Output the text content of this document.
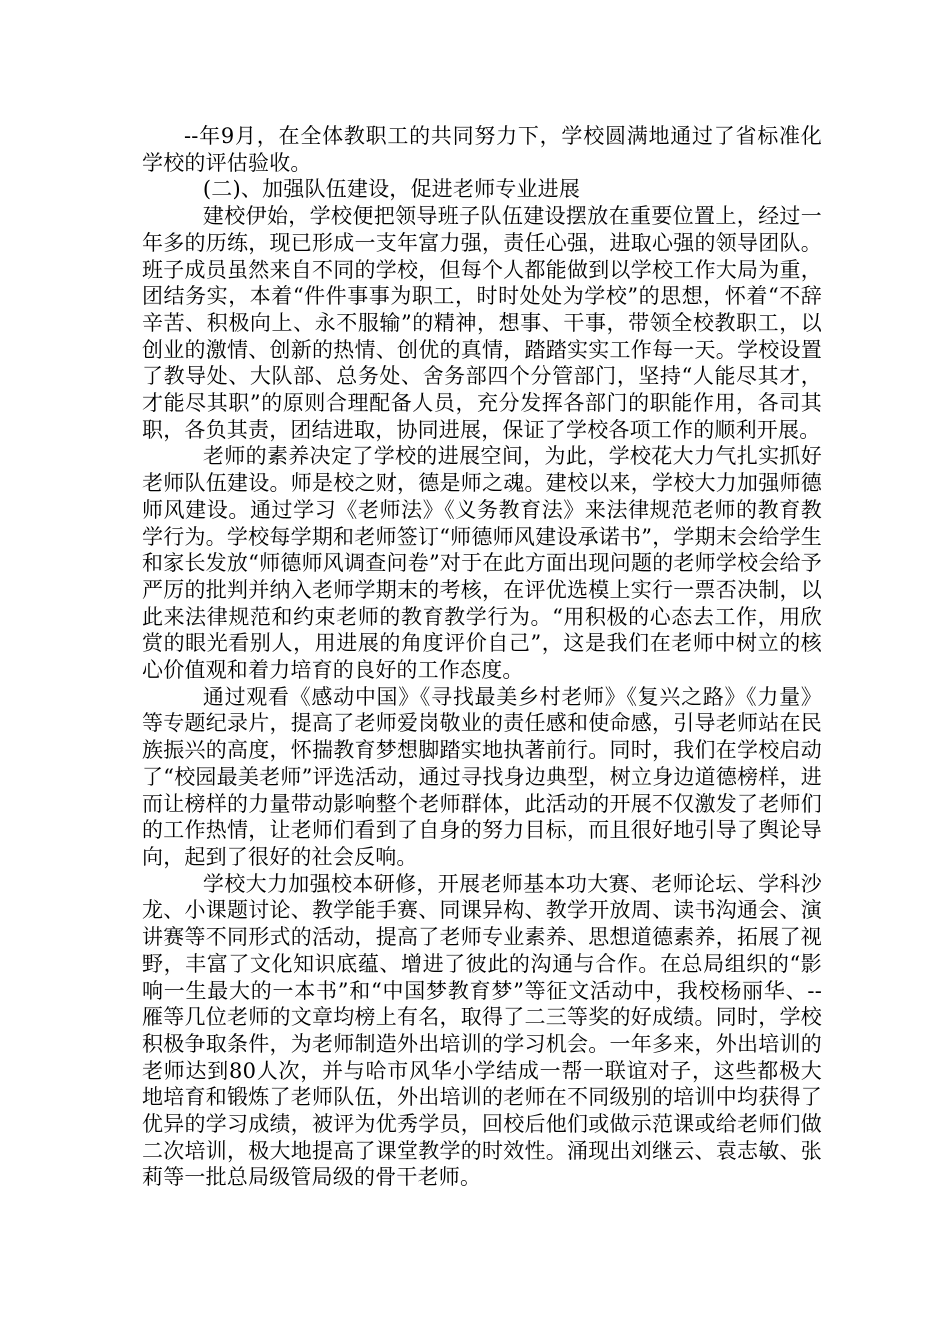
--年9月，在全体教职工的共同努力下，学校圆满地通过了省标准化学校的评估验收。

(二)、加强队伍建设，促进老师专业进展

建校伊始，学校便把领导班子队伍建设摆放在重要位置上，经过一年多的历练，现已形成一支年富力强，责任心强，进取心强的领导团队。班子成员虽然来自不同的学校，但每个人都能做到以学校工作大局为重，团结务实，本着“件件事事为职工，时时处处为学校”的思想，怀着“不辞辛苦、积极向上、永不服输”的精神，想事、干事，带领全校教职工，以创业的激情、创新的热情、创优的真情，踏踏实实工作每一天。学校设置了教导处、大队部、总务处、舍务部四个分管部门，坚持“人能尽其才，才能尽其职”的原则合理配备人员，充分发挥各部门的职能作用，各司其职，各负其责，团结进取，协同进展，保证了学校各项工作的顺利开展。

老师的素养决定了学校的进展空间，为此，学校花大力气扎实抓好老师队伍建设。师是校之财，德是师之魂。建校以来，学校大力加强师德师风建设。通过学习《老师法》《义务教育法》来法律规范老师的教育教学行为。学校每学期和老师签订“师德师风建设承诺书”，学期末会给学生和家长发放“师德师风调查问卷”对于在此方面出现问题的老师学校会给予严厉的批判并纳入老师学期末的考核，在评优选模上实行一票否决制，以此来法律规范和约束老师的教育教学行为。“用积极的心态去工作，用欣赏的眼光看别人，用进展的角度评价自己”，这是我们在老师中树立的核心价值观和着力培育的良好的工作态度。

通过观看《感动中国》《寻找最美乡村老师》《复兴之路》《力量》等专题纪录片，提高了老师爱岗敬业的责任感和使命感，引导老师站在民族振兴的高度，怀揣教育梦想脚踏实地执著前行。同时，我们在学校启动了“校园最美老师”评选活动，通过寻找身边典型，树立身边道德榜样，进而让榜样的力量带动影响整个老师群体，此活动的开展不仅激发了老师们的工作热情，让老师们看到了自身的努力目标，而且很好地引导了舆论导向，起到了很好的社会反响。

学校大力加强校本研修，开展老师基本功大赛、老师论坛、学科沙龙、小课题讨论、教学能手赛、同课异构、教学开放周、读书沟通会、演讲赛等不同形式的活动，提高了老师专业素养、思想道德素养，拓展了视野，丰富了文化知识底蕴、增进了彼此的沟通与合作。在总局组织的“影响一生最大的一本书”和“中国梦教育梦”等征文活动中，我校杨丽华、--雁等几位老师的文章均榜上有名，取得了二三等奖的好成绩。同时，学校积极争取条件，为老师制造外出培训的学习机会。一年多来，外出培训的老师达到80人次，并与哈市风华小学结成一帮一联谊对子，这些都极大地培育和锻炼了老师队伍，外出培训的老师在不同级别的培训中均获得了优异的学习成绩，被评为优秀学员，回校后他们或做示范课或给老师们做二次培训，极大地提高了课堂教学的时效性。涌现出刘继云、袁志敏、张莉等一批总局级管局级的骨干老师。
